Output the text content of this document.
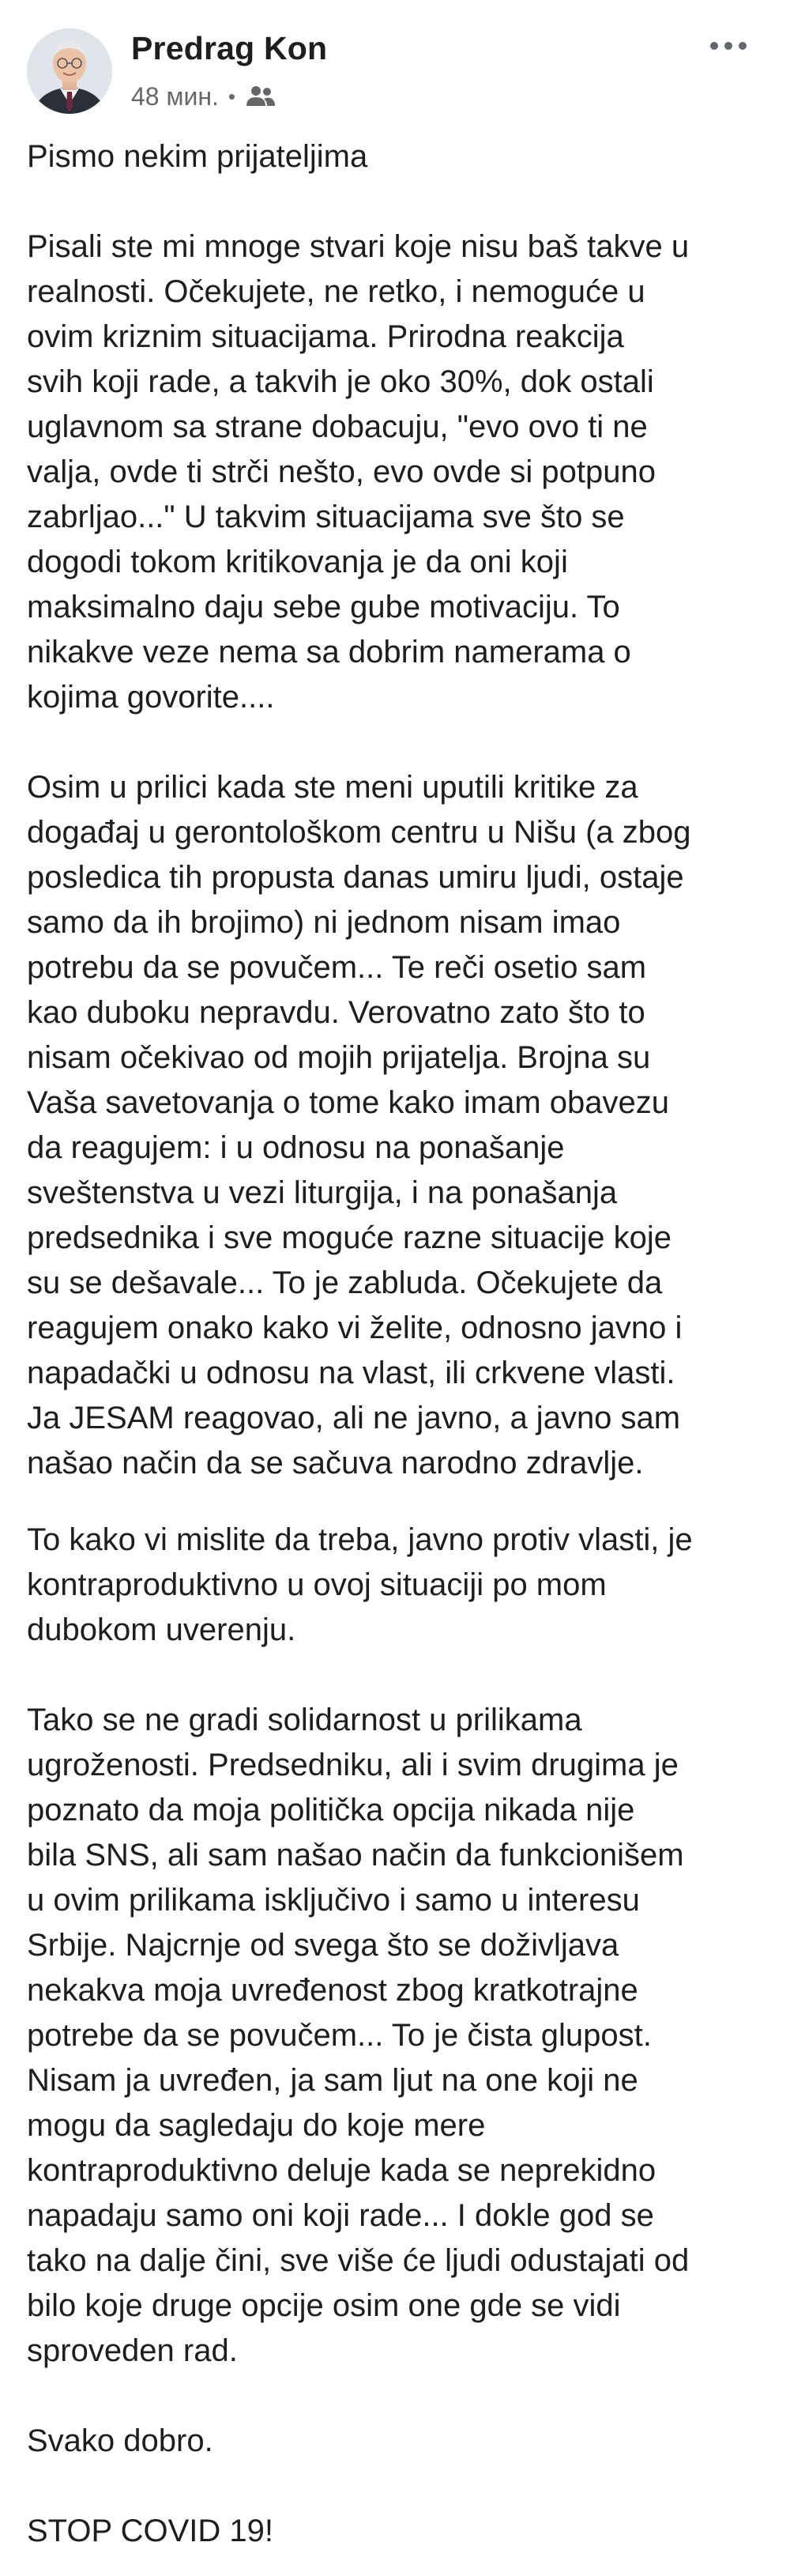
Predrag Kon
48 мин. •

Pismo nekim prijateljima

Pisali ste mi mnoge stvari koje nisu baš takve u
realnosti. Očekujete, ne retko, i nemoguće u
ovim kriznim situacijama. Prirodna reakcija
svih koji rade, a takvih je oko 30%, dok ostali
uglavnom sa strane dobacuju, "evo ovo ti ne
valja, ovde ti strči nešto, evo ovde si potpuno
zabrljao..." U takvim situacijama sve što se
dogodi tokom kritikovanja je da oni koji
maksimalno daju sebe gube motivaciju. To
nikakve veze nema sa dobrim namerama o
kojima govorite....

Osim u prilici kada ste meni uputili kritike za
događaj u gerontološkom centru u Nišu (a zbog
posledica tih propusta danas umiru ljudi, ostaje
samo da ih brojimo) ni jednom nisam imao
potrebu da se povučem... Te reči osetio sam
kao duboku nepravdu. Verovatno zato što to
nisam očekivao od mojih prijatelja. Brojna su
Vaša savetovanja o tome kako imam obavezu
da reagujem: i u odnosu na ponašanje
sveštenstva u vezi liturgija, i na ponašanja
predsednika i sve moguće razne situacije koje
su se dešavale... To je zabluda. Očekujete da
reagujem onako kako vi želite, odnosno javno i
napadački u odnosu na vlast, ili crkvene vlasti.
Ja JESAM reagovao, ali ne javno, a javno sam
našao način da se sačuva narodno zdravlje.

To kako vi mislite da treba, javno protiv vlasti, je
kontraproduktivno u ovoj situaciji po mom
dubokom uverenju.

Tako se ne gradi solidarnost u prilikama
ugroženosti. Predsedniku, ali i svim drugima je
poznato da moja politička opcija nikada nije
bila SNS, ali sam našao način da funkcionišem
u ovim prilikama isključivo i samo u interesu
Srbije. Najcrnje od svega što se doživljava
nekakva moja uvređenost zbog kratkotrajne
potrebe da se povučem... To je čista glupost.
Nisam ja uvređen, ja sam ljut na one koji ne
mogu da sagledaju do koje mere
kontraproduktivno deluje kada se neprekidno
napadaju samo oni koji rade... I dokle god se
tako na dalje čini, sve više će ljudi odustajati od
bilo koje druge opcije osim one gde se vidi
sproveden rad.

Svako dobro.

STOP COVID 19!
